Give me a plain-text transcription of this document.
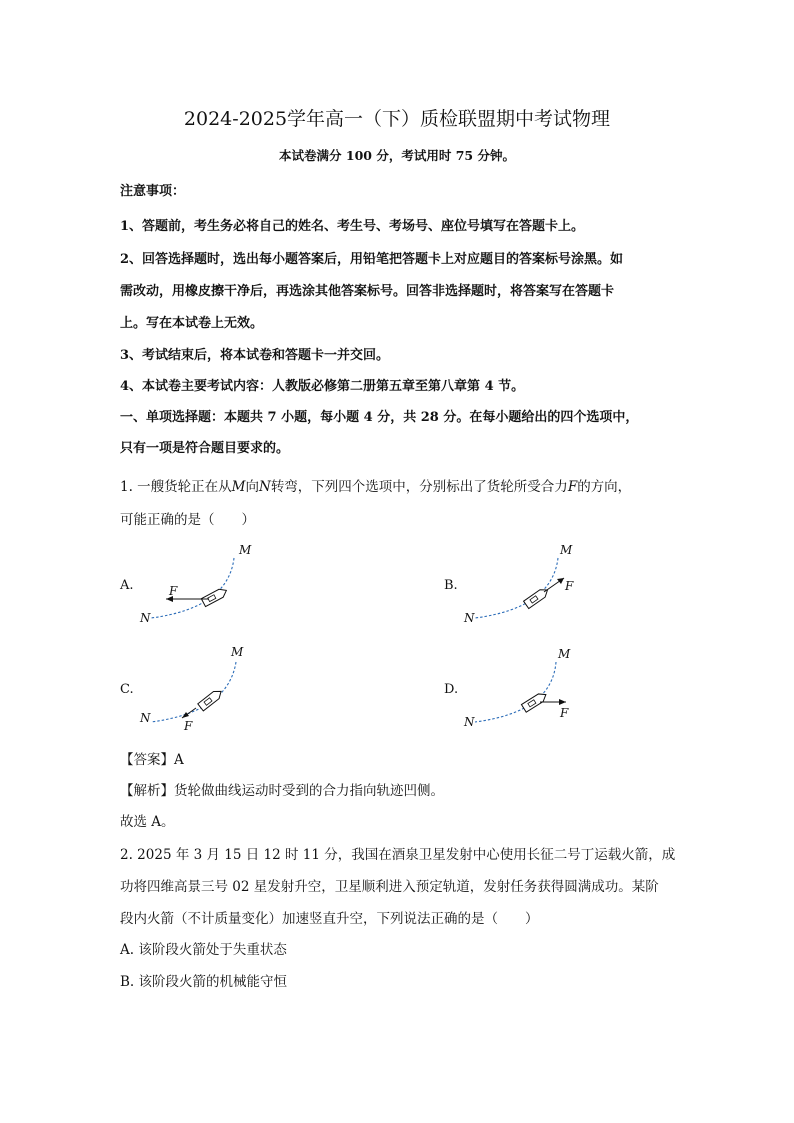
2024-2025学年高一（下）质检联盟期中考试物理
本试卷满分 100 分，考试用时 75 分钟。
注意事项：
1、答题前，考生务必将自己的姓名、考生号、考场号、座位号填写在答题卡上。
2、回答选择题时，选出每小题答案后，用铅笔把答题卡上对应题目的答案标号涂黑。如
需改动，用橡皮擦干净后，再选涂其他答案标号。回答非选择题时，将答案写在答题卡
上。写在本试卷上无效。
3、考试结束后，将本试卷和答题卡一并交回。
4、本试卷主要考试内容：人教版必修第二册第五章至第八章第 4 节。
一、单项选择题：本题共 7 小题，每小题 4 分，共 28 分。在每小题给出的四个选项中，
只有一项是符合题目要求的。
1. 一艘货轮正在从M向N转弯，下列四个选项中，分别标出了货轮所受合力F的方向，
可能正确的是（　　）
A.
M
N
F	B.
M
N
F
C.
M
N
F
D.
M
N
F
【答案】A
【解析】货轮做曲线运动时受到的合力指向轨迹凹侧。
故选 A。
2. 2025 年 3 月 15 日 12 时 11 分，我国在酒泉卫星发射中心使用长征二号丁运载火箭，成
功将四维高景三号 02 星发射升空，卫星顺利进入预定轨道，发射任务获得圆满成功。某阶
段内火箭（不计质量变化）加速竖直升空，下列说法正确的是（　　）
A. 该阶段火箭处于失重状态
B. 该阶段火箭的机械能守恒
